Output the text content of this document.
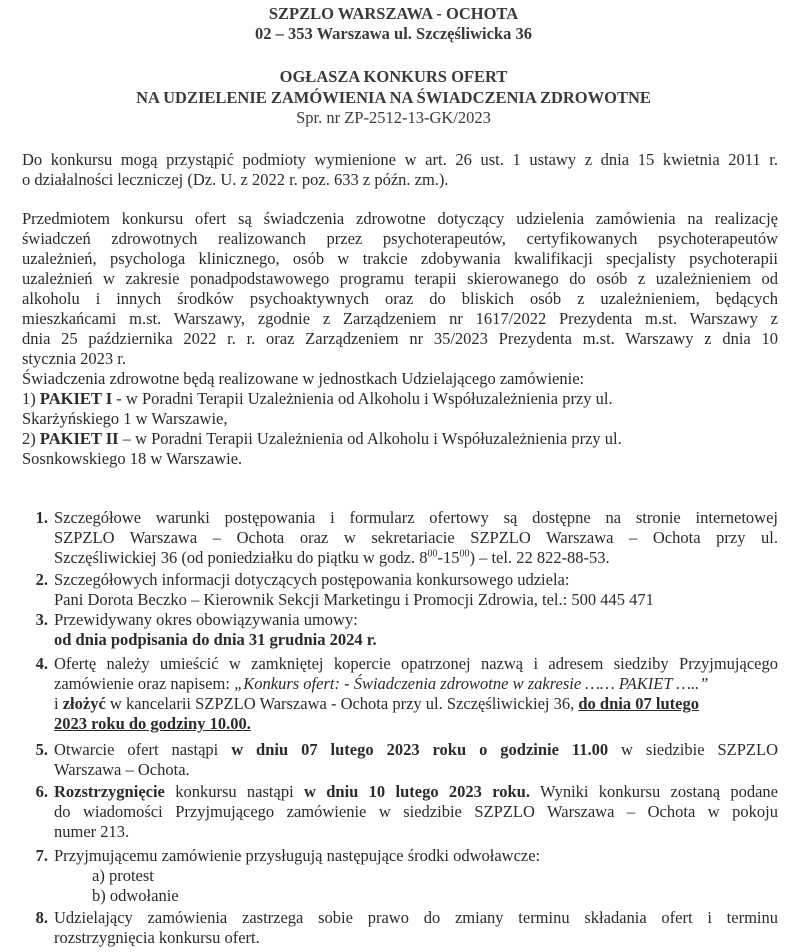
SZPZLO WARSZAWA - OCHOTA
02 – 353 Warszawa ul. Szczęśliwicka 36
OGŁASZA KONKURS OFERT
NA UDZIELENIE ZAMÓWIENIA NA ŚWIADCZENIA ZDROWOTNE
Spr. nr ZP-2512-13-GK/2023
Do konkursu mogą przystąpić podmioty wymienione w art. 26 ust. 1 ustawy z dnia 15 kwietnia 2011 r.
o działalności leczniczej (Dz. U. z 2022 r. poz. 633 z późn. zm.).
Przedmiotem konkursu ofert są świadczenia zdrowotne dotyczący udzielenia zamówienia na realizację
świadczeń zdrowotnych realizowanch przez psychoterapeutów, certyfikowanych psychoterapeutów
uzależnień, psychologa klinicznego, osób w trakcie zdobywania kwalifikacji specjalisty psychoterapii
uzależnień w zakresie ponadpodstawowego programu terapii skierowanego do osób z uzależnieniem od
alkoholu i innych środków psychoaktywnych oraz do bliskich osób z uzależnieniem, będących
mieszkańcami m.st. Warszawy, zgodnie z Zarządzeniem nr 1617/2022 Prezydenta m.st. Warszawy z
dnia 25 października 2022 r. r. oraz Zarządzeniem nr 35/2023 Prezydenta m.st. Warszawy z dnia 10
stycznia 2023 r.
Świadczenia zdrowotne będą realizowane w jednostkach Udzielającego zamówienie:
1) PAKIET I - w Poradni Terapii Uzależnienia od Alkoholu i Współuzależnienia przy ul.
Skarżyńskiego 1 w Warszawie,
2) PAKIET II – w Poradni Terapii Uzależnienia od Alkoholu i Współuzależnienia przy ul.
Sosnkowskiego 18 w Warszawie.
1. Szczegółowe warunki postępowania i formularz ofertowy są dostępne na stronie internetowej
SZPZLO Warszawa – Ochota oraz w sekretariacie SZPZLO Warszawa – Ochota przy ul.
Szczęśliwickiej 36 (od poniedziałku do piątku w godz. $8^{00}-15^{00}$) – tel. 22 822-88-53.
2. Szczegółowych informacji dotyczących postępowania konkursowego udziela:
Pani Dorota Beczko – Kierownik Sekcji Marketingu i Promocji Zdrowia, tel.: 500 445 471
3. Przewidywany okres obowiązywania umowy:
od dnia podpisania do dnia 31 grudnia 2024 r.
4. Ofertę należy umieścić w zamkniętej kopercie opatrzonej nazwą i adresem siedziby Przyjmującego
zamówienie oraz napisem: „Konkurs ofert: - Świadczenia zdrowotne w zakresie …… PAKIET …..”
i złożyć w kancelarii SZPZLO Warszawa - Ochota przy ul. Szczęśliwickiej 36, do dnia 07 lutego
2023 roku do godziny 10.00.
5. Otwarcie ofert nastąpi w dniu 07 lutego 2023 roku o godzinie 11.00 w siedzibie SZPZLO
Warszawa – Ochota.
6. Rozstrzygnięcie konkursu nastąpi w dniu 10 lutego 2023 roku. Wyniki konkursu zostaną podane
do wiadomości Przyjmującego zamówienie w siedzibie SZPZLO Warszawa – Ochota w pokoju
numer 213.
7. Przyjmującemu zamówienie przysługują następujące środki odwoławcze:
a) protest
b) odwołanie
8. Udzielający zamówienia zastrzega sobie prawo do zmiany terminu składania ofert i terminu
rozstrzygnięcia konkursu ofert.
